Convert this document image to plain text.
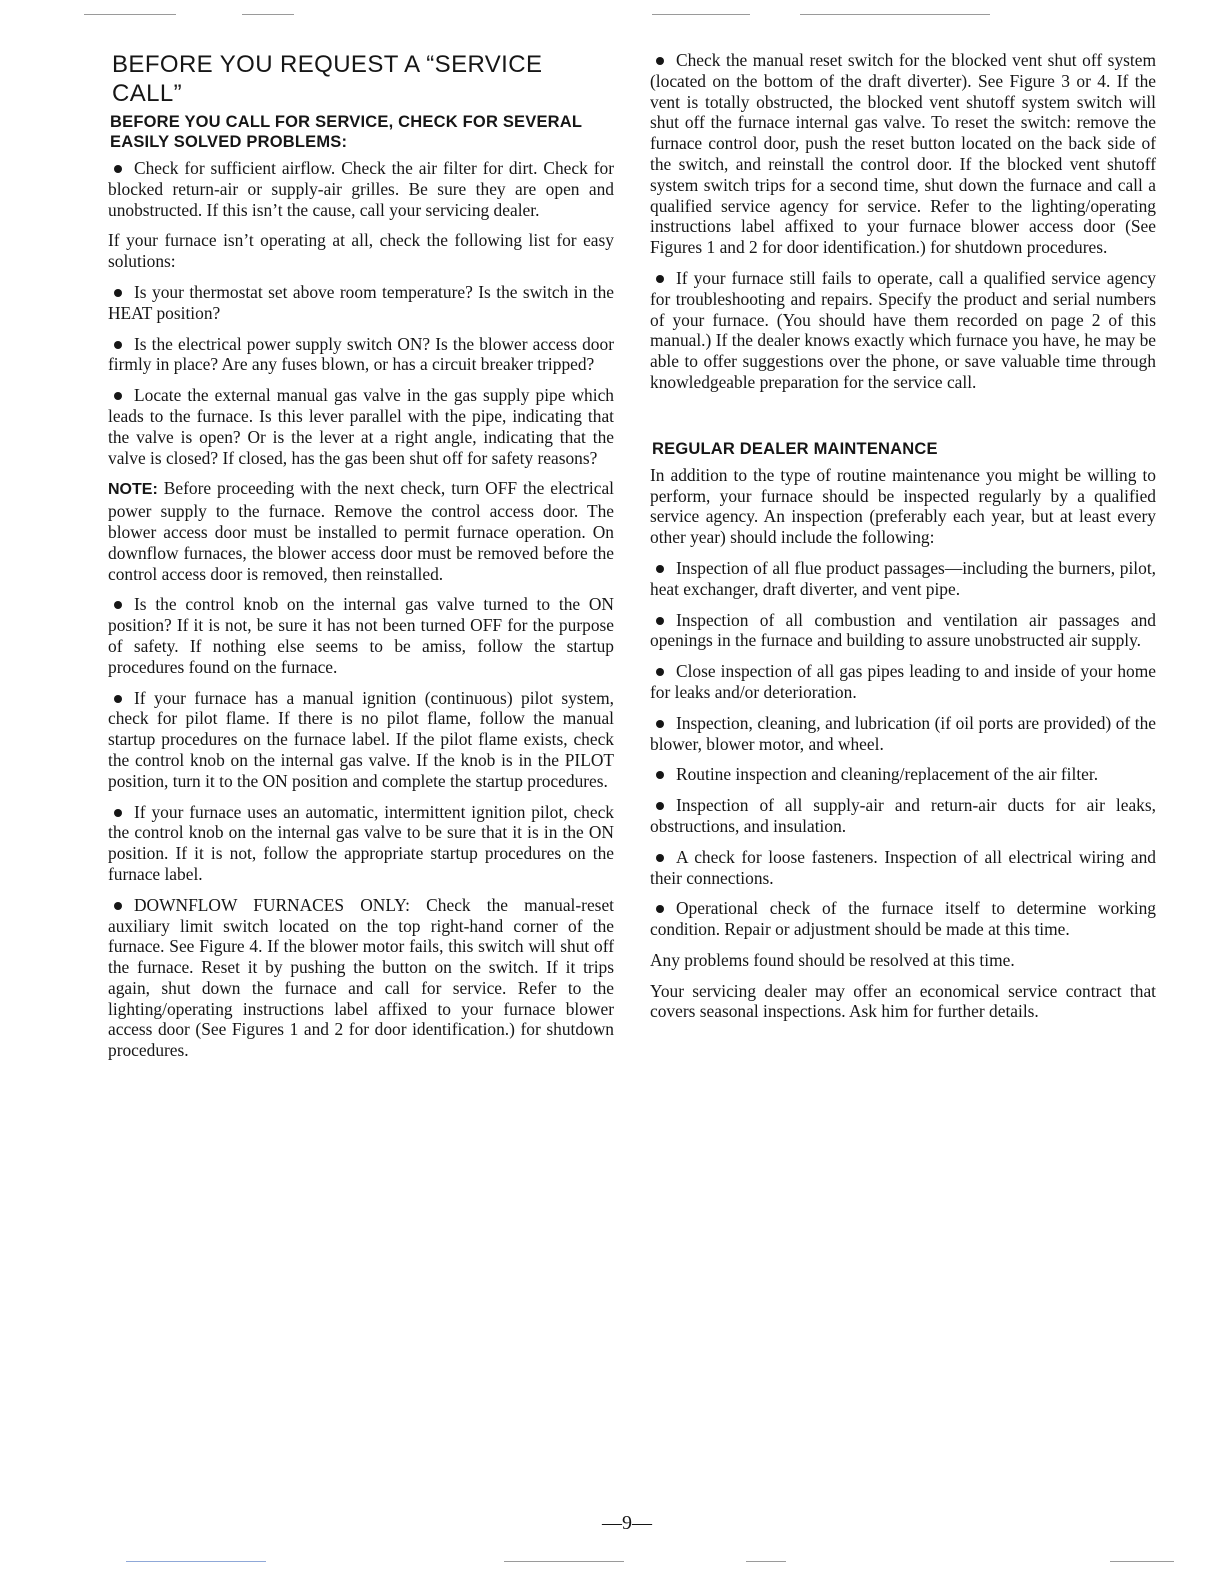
BEFORE YOU REQUEST A “SERVICE CALL”
BEFORE YOU CALL FOR SERVICE, CHECK FOR SEVERAL EASILY SOLVED PROBLEMS:

Check for sufficient airflow. Check the air filter for dirt. Check for blocked return-air or supply-air grilles. Be sure they are open and unobstructed. If this isn’t the cause, call your servicing dealer.

If your furnace isn’t operating at all, check the following list for easy solutions:

Is your thermostat set above room temperature? Is the switch in the HEAT position?

Is the electrical power supply switch ON? Is the blower access door firmly in place? Are any fuses blown, or has a circuit breaker tripped?

Locate the external manual gas valve in the gas supply pipe which leads to the furnace. Is this lever parallel with the pipe, indicating that the valve is open? Or is the lever at a right angle, indicating that the valve is closed? If closed, has the gas been shut off for safety reasons?

NOTE: Before proceeding with the next check, turn OFF the electrical power supply to the furnace. Remove the control access door. The blower access door must be installed to permit furnace operation. On downflow furnaces, the blower access door must be removed before the control access door is removed, then reinstalled.

Is the control knob on the internal gas valve turned to the ON position? If it is not, be sure it has not been turned OFF for the purpose of safety. If nothing else seems to be amiss, follow the startup procedures found on the furnace.

If your furnace has a manual ignition (continuous) pilot system, check for pilot flame. If there is no pilot flame, follow the manual startup procedures on the furnace label. If the pilot flame exists, check the control knob on the internal gas valve. If the knob is in the PILOT position, turn it to the ON position and complete the startup procedures.

If your furnace uses an automatic, intermittent ignition pilot, check the control knob on the internal gas valve to be sure that it is in the ON position. If it is not, follow the appropriate startup procedures on the furnace label.

DOWNFLOW FURNACES ONLY: Check the manual-reset auxiliary limit switch located on the top right-hand corner of the furnace. See Figure 4. If the blower motor fails, this switch will shut off the furnace. Reset it by pushing the button on the switch. If it trips again, shut down the furnace and call for service. Refer to the lighting/operating instructions label affixed to your furnace blower access door (See Figures 1 and 2 for door identification.) for shutdown procedures.

Check the manual reset switch for the blocked vent shut off system (located on the bottom of the draft diverter). See Figure 3 or 4. If the vent is totally obstructed, the blocked vent shutoff system switch will shut off the furnace internal gas valve. To reset the switch: remove the furnace control door, push the reset button located on the back side of the switch, and reinstall the control door. If the blocked vent shutoff system switch trips for a second time, shut down the furnace and call a qualified service agency for service. Refer to the lighting/operating instructions label affixed to your furnace blower access door (See Figures 1 and 2 for door identification.) for shutdown procedures.

If your furnace still fails to operate, call a qualified service agency for troubleshooting and repairs. Specify the product and serial numbers of your furnace. (You should have them recorded on page 2 of this manual.) If the dealer knows exactly which furnace you have, he may be able to offer suggestions over the phone, or save valuable time through knowledgeable preparation for the service call.

REGULAR DEALER MAINTENANCE

In addition to the type of routine maintenance you might be willing to perform, your furnace should be inspected regularly by a qualified service agency. An inspection (preferably each year, but at least every other year) should include the following:

Inspection of all flue product passages—including the burners, pilot, heat exchanger, draft diverter, and vent pipe.

Inspection of all combustion and ventilation air passages and openings in the furnace and building to assure unobstructed air supply.

Close inspection of all gas pipes leading to and inside of your home for leaks and/or deterioration.

Inspection, cleaning, and lubrication (if oil ports are provided) of the blower, blower motor, and wheel.

Routine inspection and cleaning/replacement of the air filter.

Inspection of all supply-air and return-air ducts for air leaks, obstructions, and insulation.

A check for loose fasteners. Inspection of all electrical wiring and their connections.

Operational check of the furnace itself to determine working condition. Repair or adjustment should be made at this time.

Any problems found should be resolved at this time.

Your servicing dealer may offer an economical service contract that covers seasonal inspections. Ask him for further details.

—9—
